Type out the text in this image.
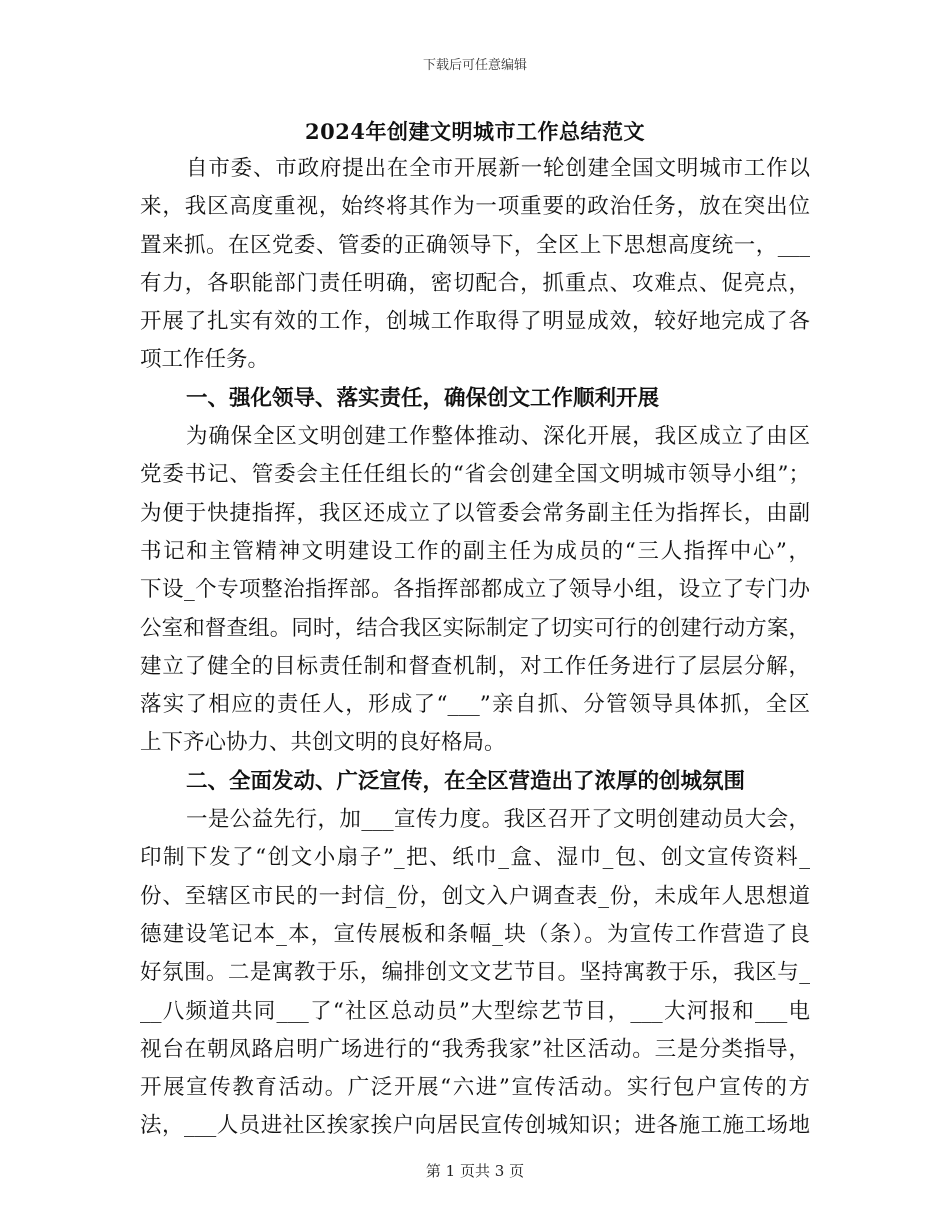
下载后可任意编辑
2024年创建文明城市工作总结范文
自市委、市政府提出在全市开展新一轮创建全国文明城市工作以
来，我区高度重视，始终将其作为一项重要的政治任务，放在突出位
置来抓。在区党委、管委的正确领导下，全区上下思想高度统一，___
有力，各职能部门责任明确，密切配合，抓重点、攻难点、促亮点，
开展了扎实有效的工作，创城工作取得了明显成效，较好地完成了各
项工作任务。
一、强化领导、落实责任，确保创文工作顺利开展
为确保全区文明创建工作整体推动、深化开展，我区成立了由区
党委书记、管委会主任任组长的“省会创建全国文明城市领导小组”；
为便于快捷指挥，我区还成立了以管委会常务副主任为指挥长，由副
书记和主管精神文明建设工作的副主任为成员的“三人指挥中心”，
下设_个专项整治指挥部。各指挥部都成立了领导小组，设立了专门办
公室和督查组。同时，结合我区实际制定了切实可行的创建行动方案，
建立了健全的目标责任制和督查机制，对工作任务进行了层层分解，
落实了相应的责任人，形成了“___”亲自抓、分管领导具体抓，全区
上下齐心协力、共创文明的良好格局。
二、全面发动、广泛宣传，在全区营造出了浓厚的创城氛围
一是公益先行，加___宣传力度。我区召开了文明创建动员大会，
印制下发了“创文小扇子”_把、纸巾_盒、湿巾_包、创文宣传资料_
份、至辖区市民的一封信_份，创文入户调查表_份，未成年人思想道
德建设笔记本_本，宣传展板和条幅_块（条）。为宣传工作营造了良
好氛围。二是寓教于乐，编排创文文艺节目。坚持寓教于乐，我区与_
__八频道共同___了“社区总动员”大型综艺节目，___大河报和___电
视台在朝凤路启明广场进行的“我秀我家”社区活动。三是分类指导，
开展宣传教育活动。广泛开展“六进”宣传活动。实行包户宣传的方
法，___人员进社区挨家挨户向居民宣传创城知识；进各施工施工场地
第 1 页共 3 页
